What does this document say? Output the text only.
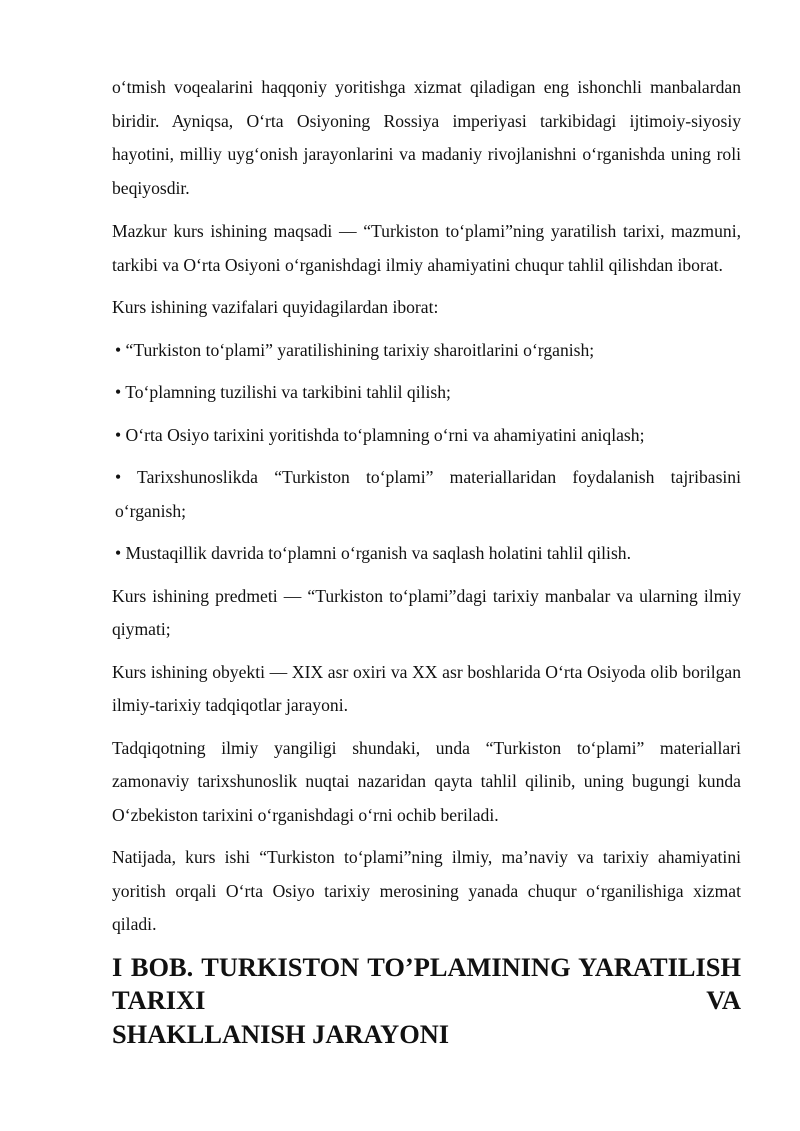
o‘tmish voqealarini haqqoniy yoritishga xizmat qiladigan eng ishonchli manbalardan biridir. Ayniqsa, O‘rta Osiyoning Rossiya imperiyasi tarkibidagi ijtimoiy-siyosiy hayotini, milliy uyg‘onish jarayonlarini va madaniy rivojlanishni o‘rganishda uning roli beqiyosdir.

Mazkur kurs ishining maqsadi — “Turkiston to‘plami”ning yaratilish tarixi, mazmuni, tarkibi va O‘rta Osiyoni o‘rganishdagi ilmiy ahamiyatini chuqur tahlil qilishdan iborat.

Kurs ishining vazifalari quyidagilardan iborat:

• “Turkiston to‘plami” yaratilishining tarixiy sharoitlarini o‘rganish;

• To‘plamning tuzilishi va tarkibini tahlil qilish;

• O‘rta Osiyo tarixini yoritishda to‘plamning o‘rni va ahamiyatini aniqlash;

• Tarixshunoslikda “Turkiston to‘plami” materiallaridan foydalanish tajribasini o‘rganish;

• Mustaqillik davrida to‘plamni o‘rganish va saqlash holatini tahlil qilish.

Kurs ishining predmeti — “Turkiston to‘plami”dagi tarixiy manbalar va ularning ilmiy qiymati;

Kurs ishining obyekti — XIX asr oxiri va XX asr boshlarida O‘rta Osiyoda olib borilgan ilmiy-tarixiy tadqiqotlar jarayoni.

Tadqiqotning ilmiy yangiligi shundaki, unda “Turkiston to‘plami” materiallari zamonaviy tarixshunoslik nuqtai nazaridan qayta tahlil qilinib, uning bugungi kunda O‘zbekiston tarixini o‘rganishdagi o‘rni ochib beriladi.

Natijada, kurs ishi “Turkiston to‘plami”ning ilmiy, ma’naviy va tarixiy ahamiyatini yoritish orqali O‘rta Osiyo tarixiy merosining yanada chuqur o‘rganilishiga xizmat qiladi.

I BOB. TURKISTON TO’PLAMINING YARATILISH TARIXI VA
SHAKLLANISH JARAYONI
